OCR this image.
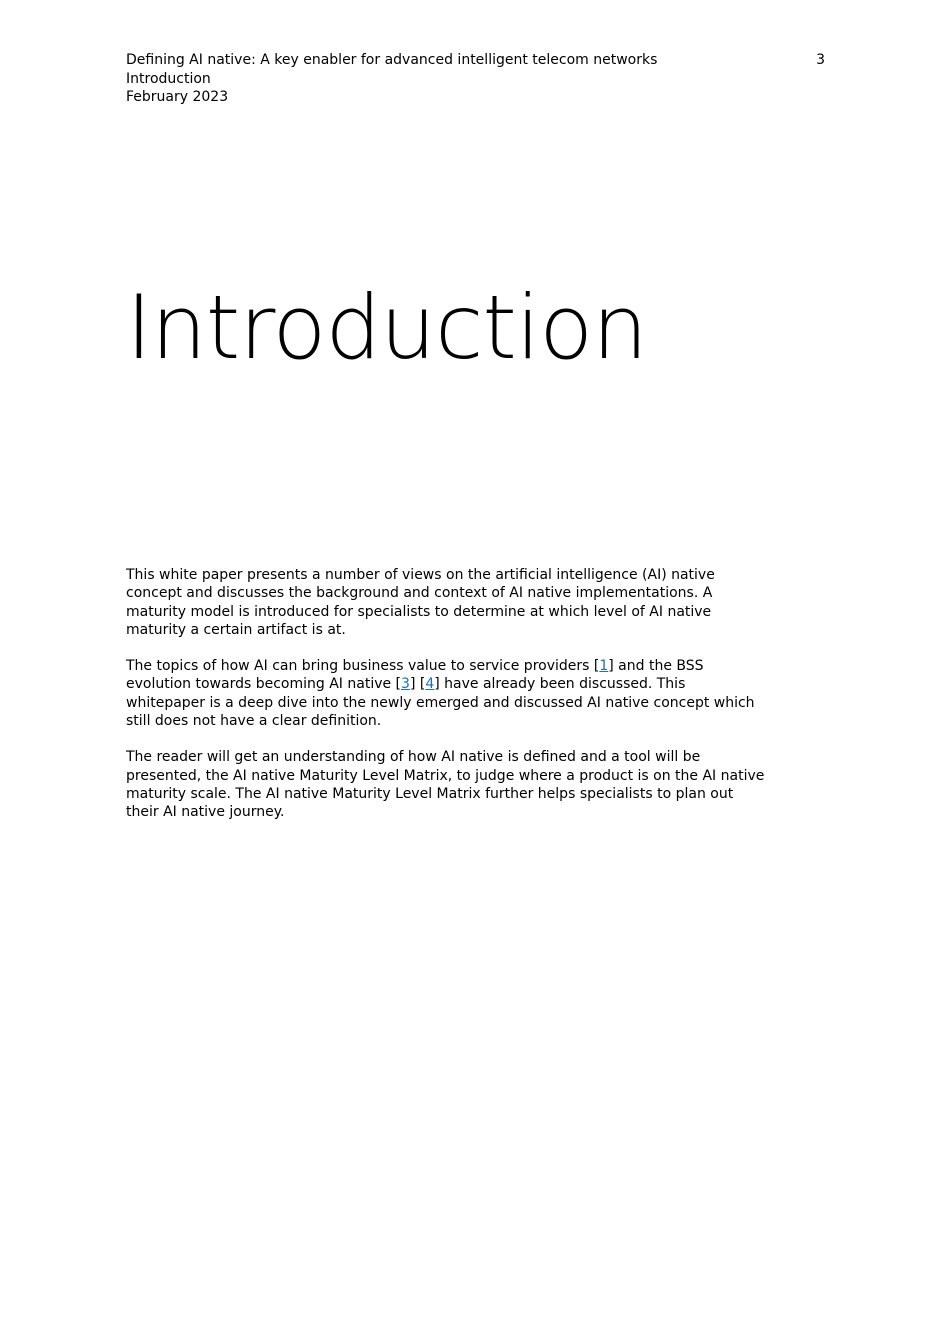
Defining AI native: A key enabler for advanced intelligent telecom networks
Introduction
February 2023
3
Introduction

This white paper presents a number of views on the artificial intelligence (AI) native concept and discusses the background and context of AI native implementations. A maturity model is introduced for specialists to determine at which level of AI native maturity a certain artifact is at.

The topics of how AI can bring business value to service providers [1] and the BSS evolution towards becoming AI native [3] [4] have already been discussed. This whitepaper is a deep dive into the newly emerged and discussed AI native concept which still does not have a clear definition.

The reader will get an understanding of how AI native is defined and a tool will be presented, the AI native Maturity Level Matrix, to judge where a product is on the AI native maturity scale. The AI native Maturity Level Matrix further helps specialists to plan out their AI native journey.
